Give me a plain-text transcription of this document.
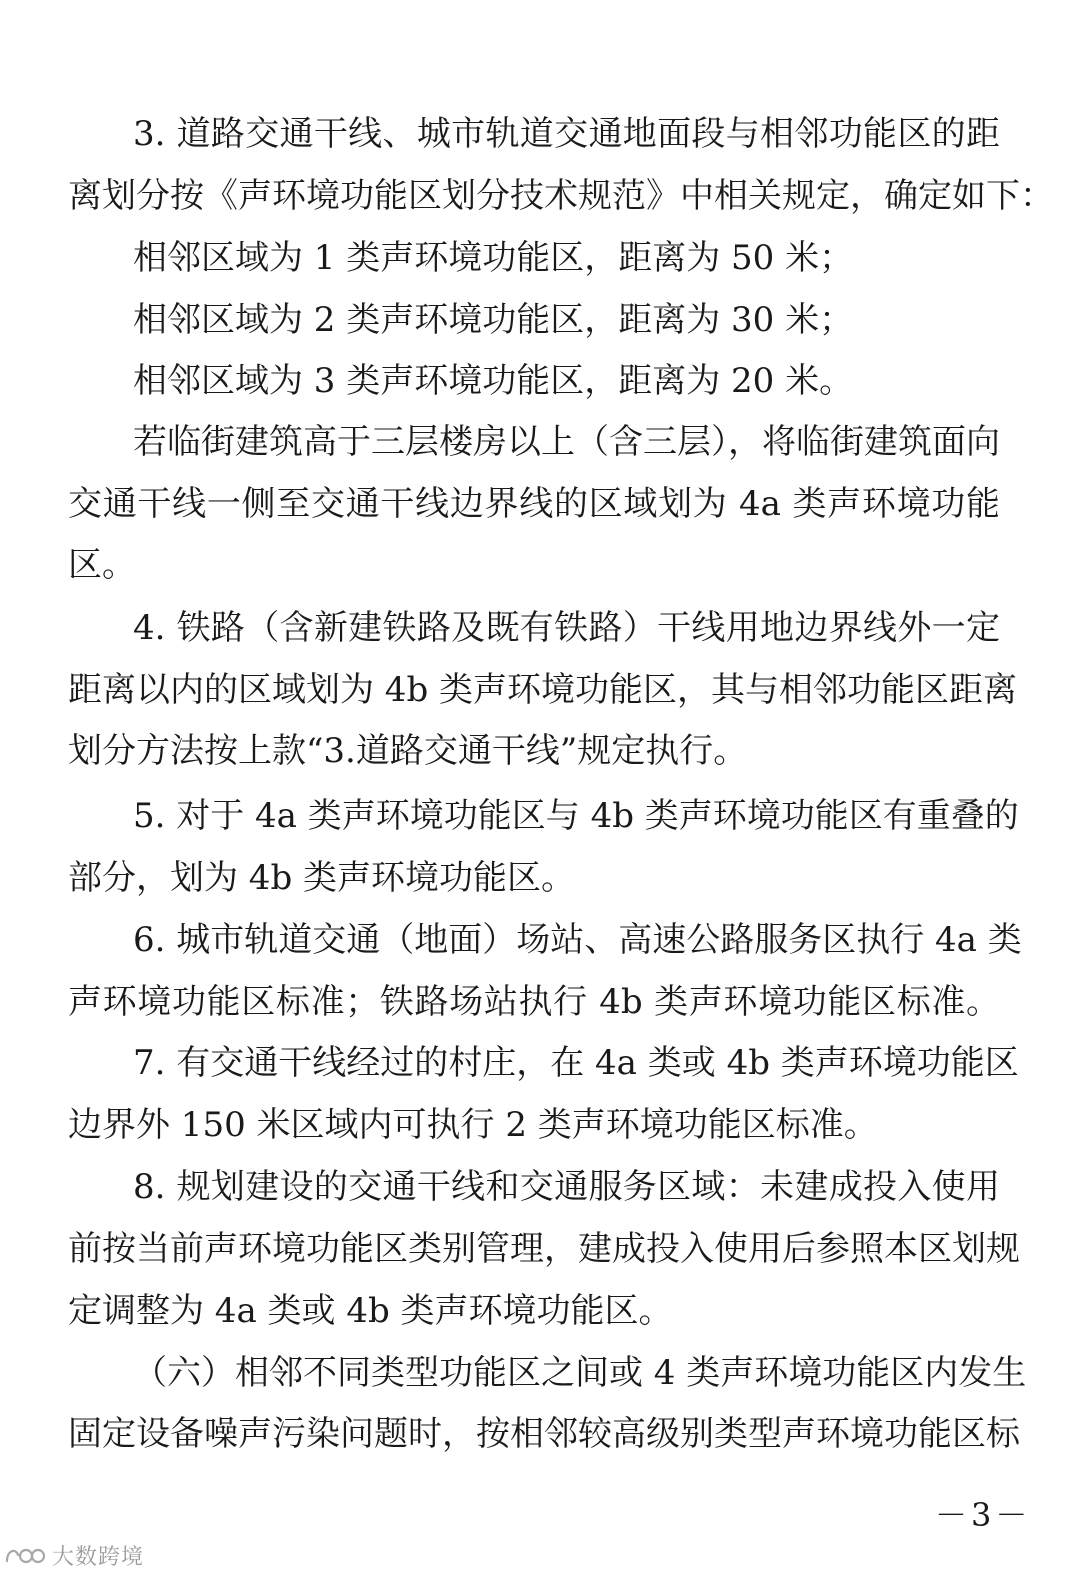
3. 道路交通干线、城市轨道交通地面段与相邻功能区的距
离划分按《声环境功能区划分技术规范》中相关规定，确定如下：
相邻区域为 1 类声环境功能区，距离为 50 米；
相邻区域为 2 类声环境功能区，距离为 30 米；
相邻区域为 3 类声环境功能区，距离为 20 米。
若临街建筑高于三层楼房以上（含三层），将临街建筑面向
交通干线一侧至交通干线边界线的区域划为 4a 类声环境功能
区。
4. 铁路（含新建铁路及既有铁路）干线用地边界线外一定
距离以内的区域划为 4b 类声环境功能区，其与相邻功能区距离
划分方法按上款“3.道路交通干线”规定执行。
5. 对于 4a 类声环境功能区与 4b 类声环境功能区有重叠的
部分，划为 4b 类声环境功能区。
6. 城市轨道交通（地面）场站、高速公路服务区执行 4a 类
声环境功能区标准；铁路场站执行 4b 类声环境功能区标准。
7. 有交通干线经过的村庄，在 4a 类或 4b 类声环境功能区
边界外 150 米区域内可执行 2 类声环境功能区标准。
8. 规划建设的交通干线和交通服务区域：未建成投入使用
前按当前声环境功能区类别管理，建成投入使用后参照本区划规
定调整为 4a 类或 4b 类声环境功能区。
（六）相邻不同类型功能区之间或 4 类声环境功能区内发生
固定设备噪声污染问题时，按相邻较高级别类型声环境功能区标
－3－
大数跨境
